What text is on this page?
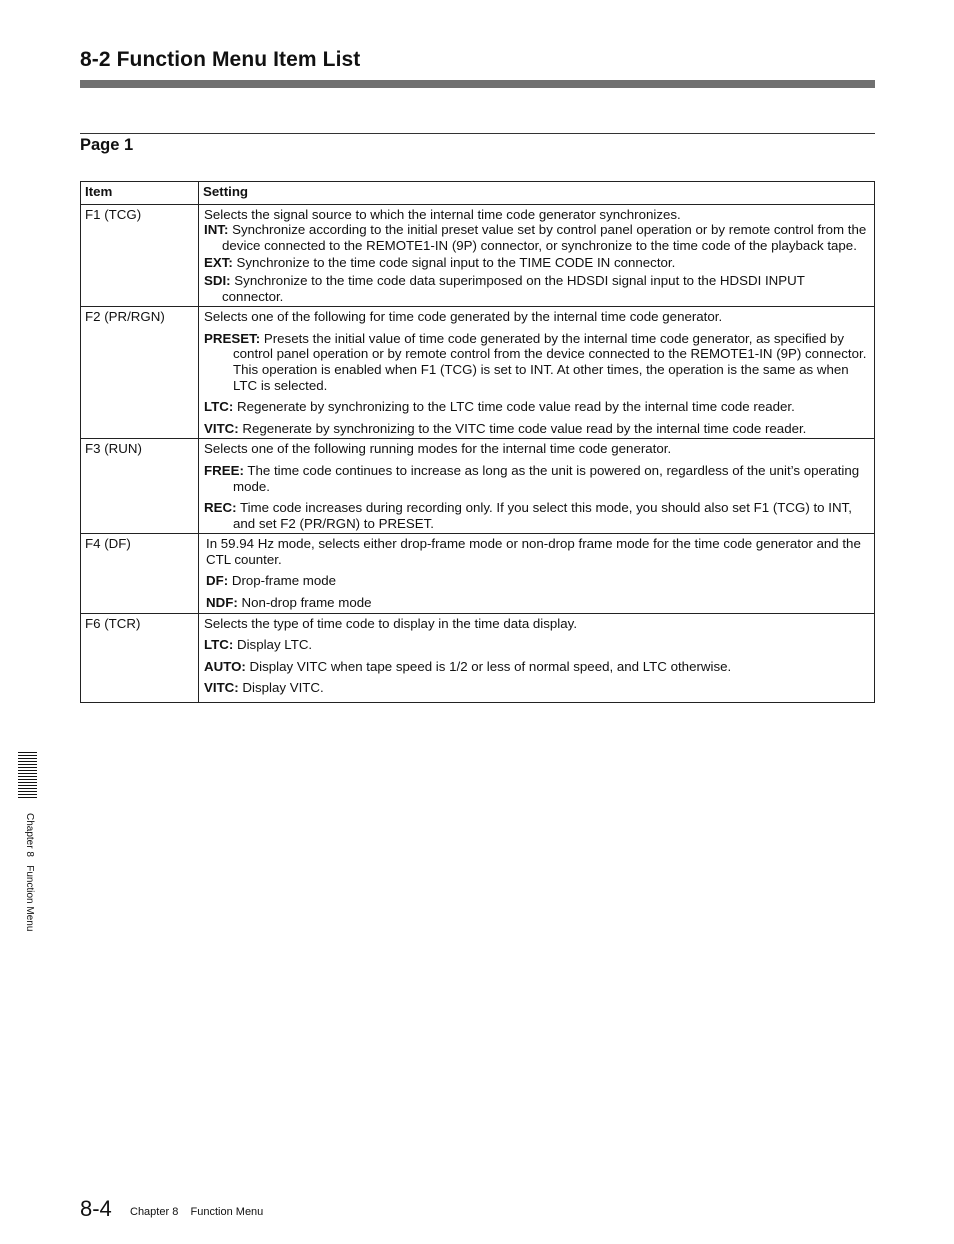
8-2 Function Menu Item List
Page 1
Item	Setting
F1 (TCG)	Selects the signal source to which the internal time code generator synchronizes.

INT: Synchronize according to the initial preset value set by control panel operation or by remote control from the device connected to the REMOTE1-IN (9P) connector, or synchronize to the time code of the playback tape.

EXT: Synchronize to the time code signal input to the TIME CODE IN connector.

SDI: Synchronize to the time code data superimposed on the HDSDI signal input to the HDSDI INPUT connector.

F2 (PR/RGN)	Selects one of the following for time code generated by the internal time code generator.

PRESET: Presets the initial value of time code generated by the internal time code generator, as specified by control panel operation or by remote control from the device connected to the REMOTE1-IN (9P) connector. This operation is enabled when F1 (TCG) is set to INT. At other times, the operation is the same as when LTC is selected.

LTC: Regenerate by synchronizing to the LTC time code value read by the internal time code reader.

VITC: Regenerate by synchronizing to the VITC time code value read by the internal time code reader.

F3 (RUN)	Selects one of the following running modes for the internal time code generator.

FREE: The time code continues to increase as long as the unit is powered on, regardless of the unit’s operating mode.

REC: Time code increases during recording only. If you select this mode, you should also set F1 (TCG) to INT, and set F2 (PR/RGN) to PRESET.

F4 (DF)	In 59.94 Hz mode, selects either drop-frame mode or non-drop frame mode for the time code generator and the CTL counter.

DF: Drop-frame mode

NDF: Non-drop frame mode

F6 (TCR)	Selects the type of time code to display in the time data display.

LTC: Display LTC.

AUTO: Display VITC when tape speed is 1/2 or less of normal speed, and LTC otherwise.

VITC: Display VITC.

Chapter 8   Function Menu
8-4 Chapter 8    Function Menu
